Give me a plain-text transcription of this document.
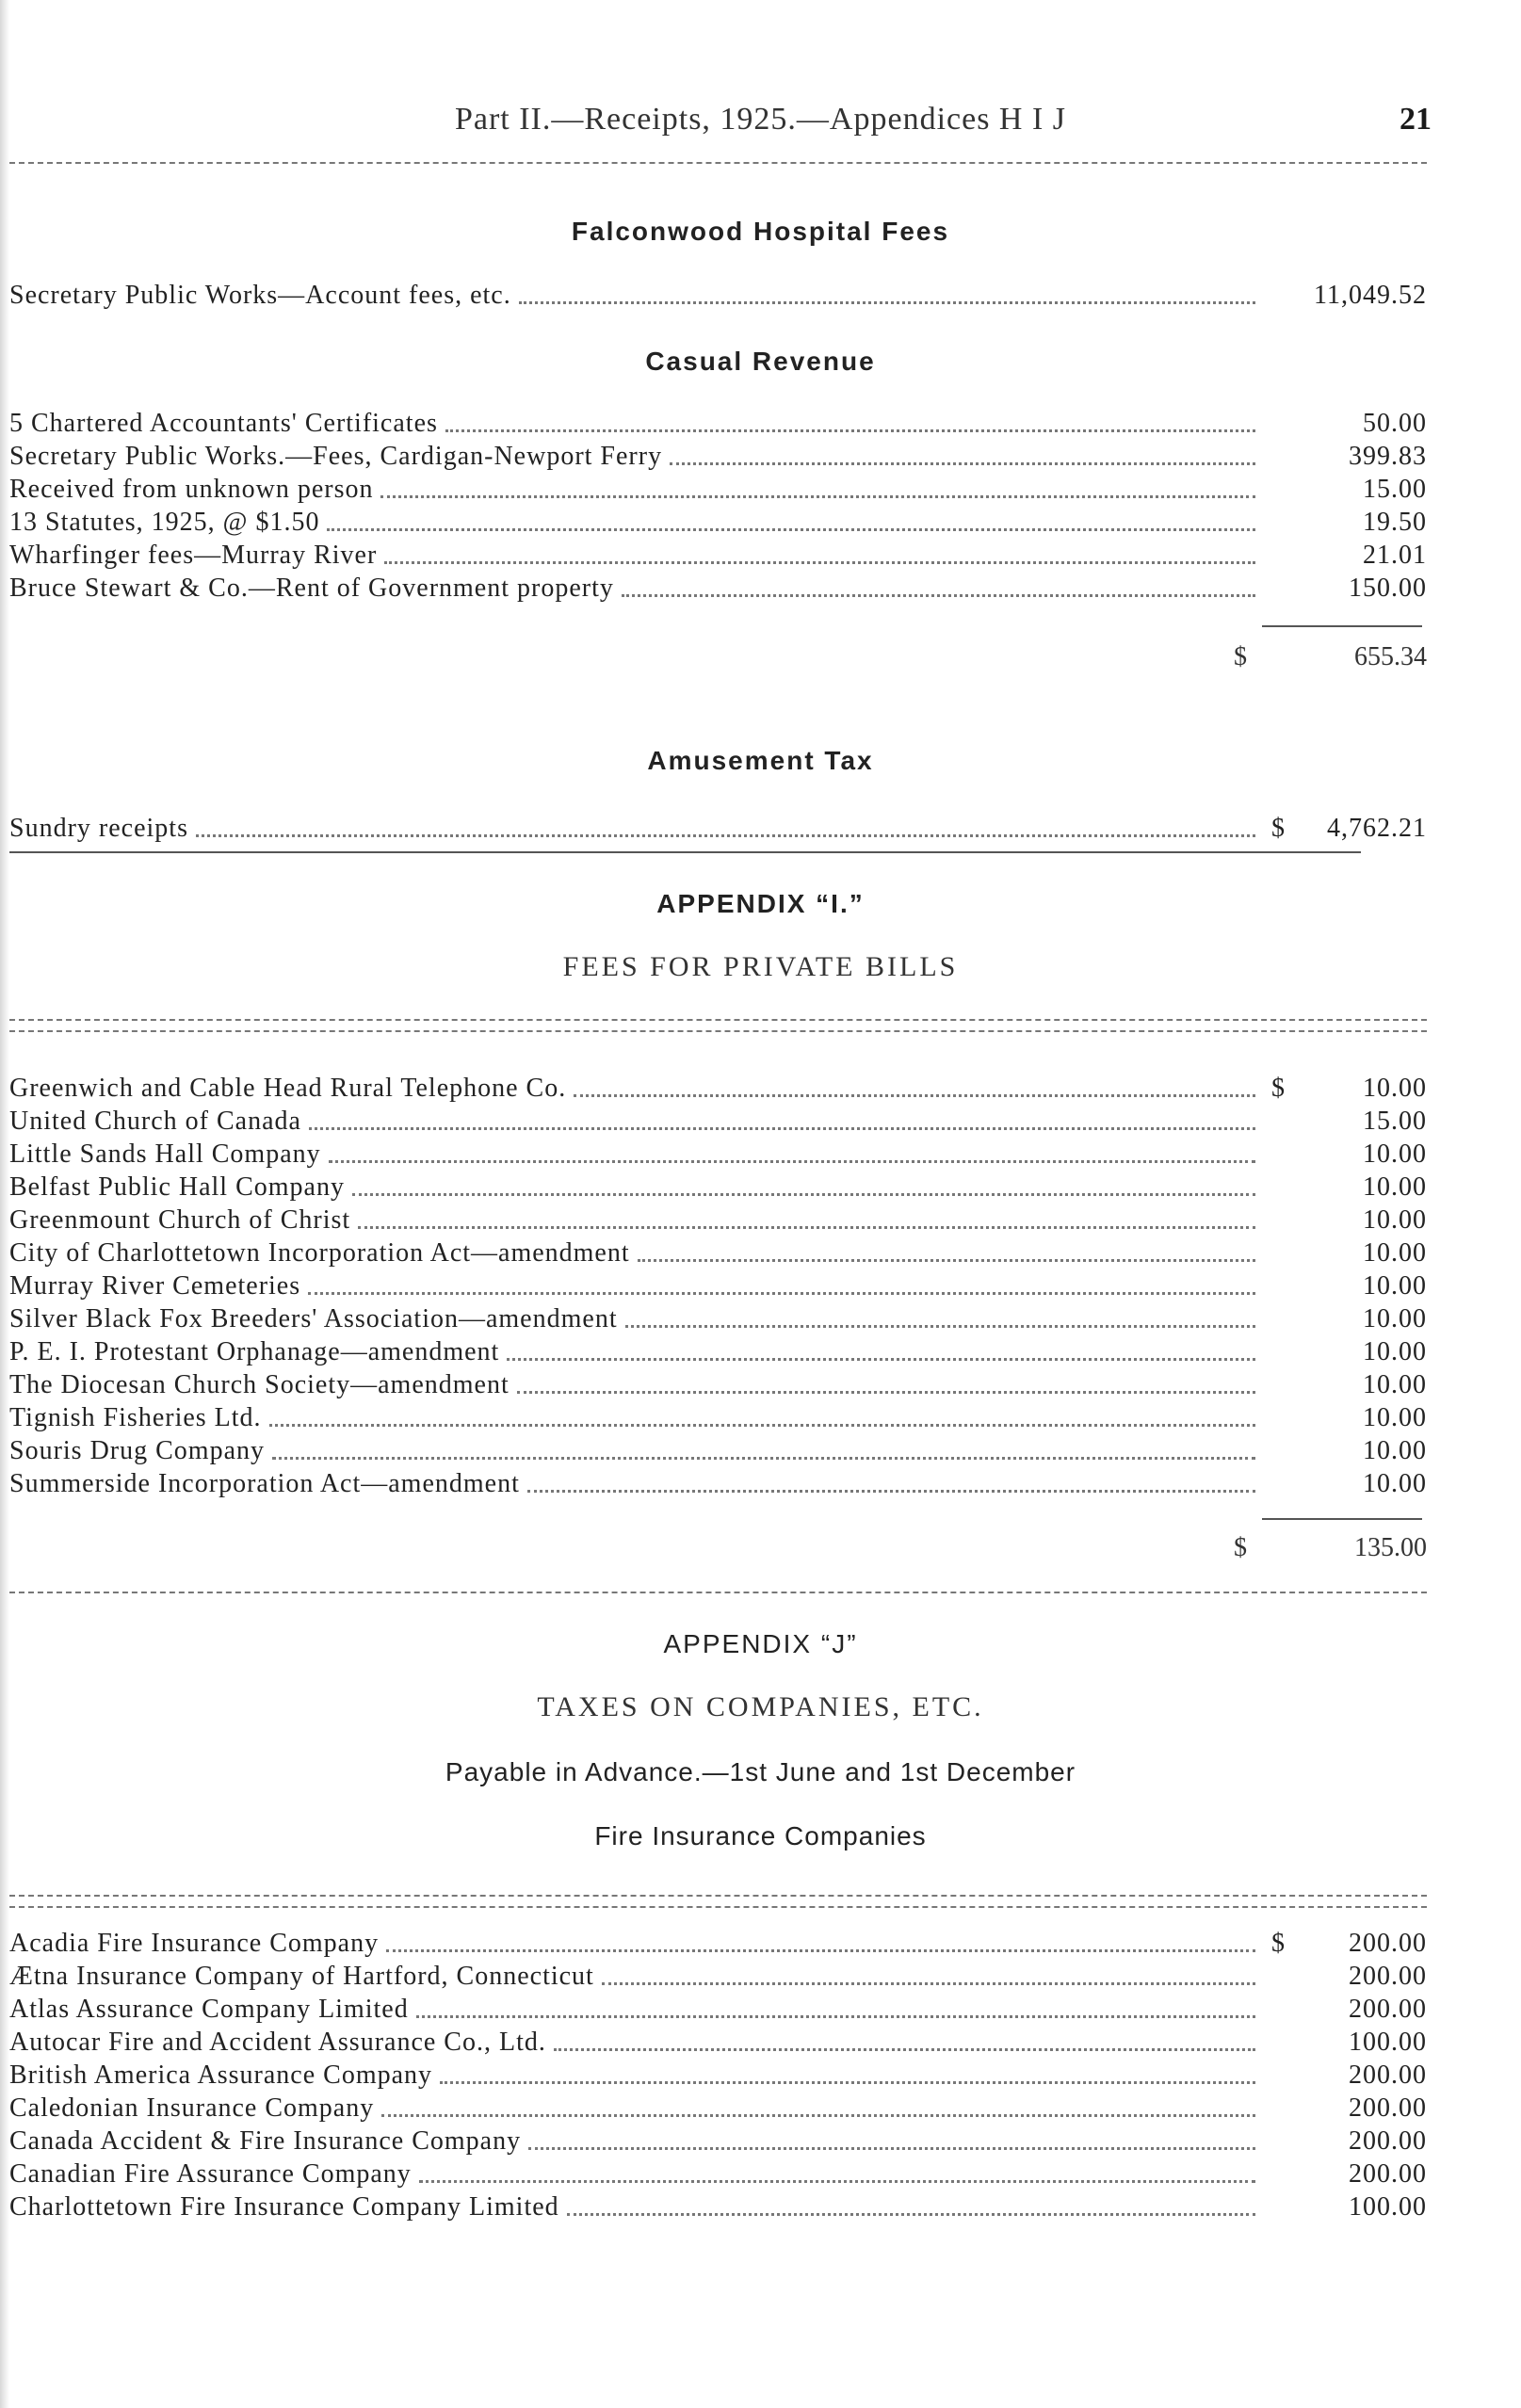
Part II.—Receipts, 1925.—Appendices H I J	21
Falconwood Hospital Fees
Secretary Public Works—Account fees, etc.	11,049.52
Casual Revenue
5 Chartered Accountants' Certificates	50.00
Secretary Public Works.—Fees, Cardigan-Newport Ferry	399.83
Received from unknown person	15.00
13 Statutes, 1925, @ $1.50	19.50
Wharfinger fees—Murray River	21.01
Bruce Stewart & Co.—Rent of Government property	150.00
$	655.34
Amusement Tax
Sundry receipts	$	4,762.21
APPENDIX “I.”
FEES FOR PRIVATE BILLS
Greenwich and Cable Head Rural Telephone Co.	$	10.00
United Church of Canada	15.00
Little Sands Hall Company	10.00
Belfast Public Hall Company	10.00
Greenmount Church of Christ	10.00
City of Charlottetown Incorporation Act—amendment	10.00
Murray River Cemeteries	10.00
Silver Black Fox Breeders' Association—amendment	10.00
P. E. I. Protestant Orphanage—amendment	10.00
The Diocesan Church Society—amendment	10.00
Tignish Fisheries Ltd.	10.00
Souris Drug Company	10.00
Summerside Incorporation Act—amendment	10.00
$	135.00
APPENDIX “J”
TAXES ON COMPANIES, ETC.
Payable in Advance.—1st June and 1st December
Fire Insurance Companies
Acadia Fire Insurance Company	$	200.00
Ætna Insurance Company of Hartford, Connecticut	200.00
Atlas Assurance Company Limited	200.00
Autocar Fire and Accident Assurance Co., Ltd.	100.00
British America Assurance Company	200.00
Caledonian Insurance Company	200.00
Canada Accident & Fire Insurance Company	200.00
Canadian Fire Assurance Company	200.00
Charlottetown Fire Insurance Company Limited	100.00
